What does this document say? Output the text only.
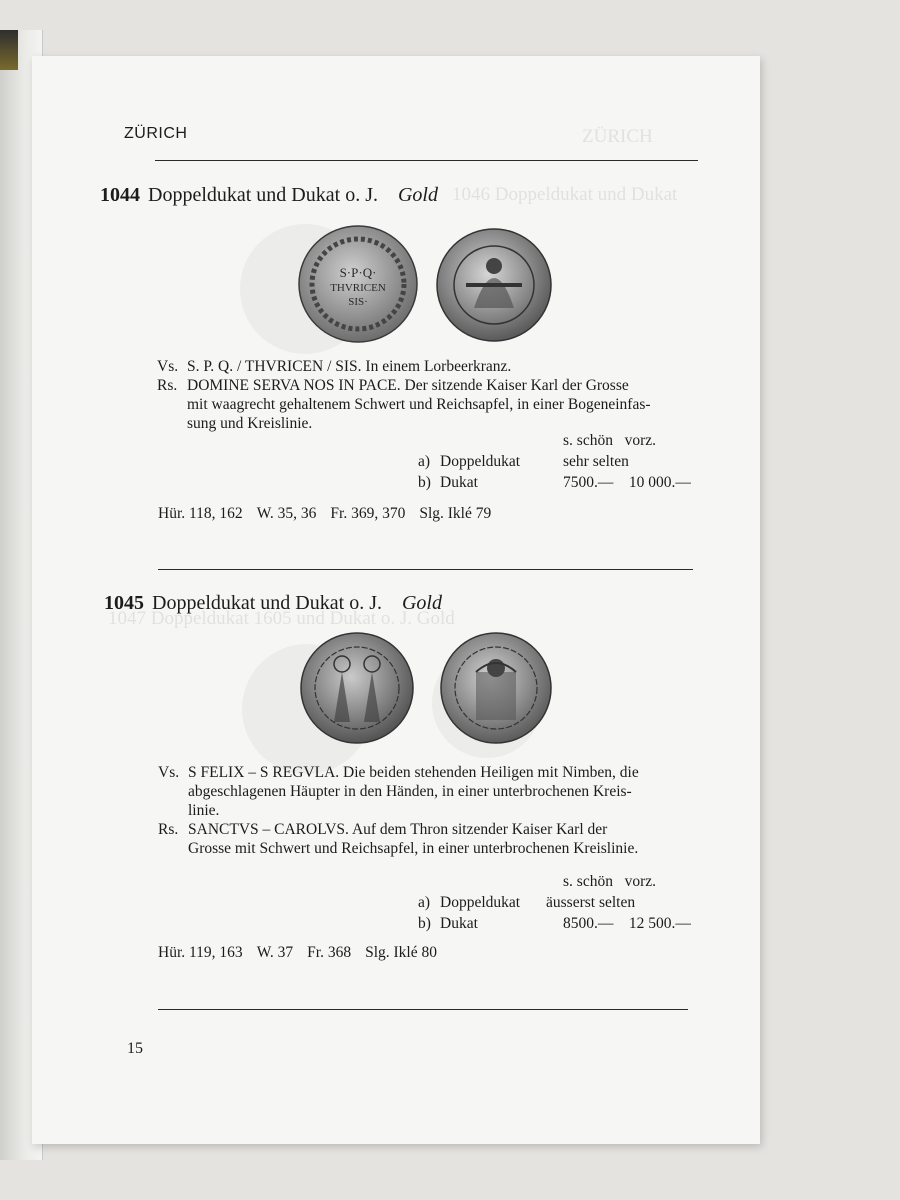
ZÜRICH
1046 Doppeldukat und Dukat
1047 Doppeldukat 1605 und Dukat o. J. Gold
ZÜRICH
1044 Doppeldukat und Dukat o. J. Gold
S·P·Q·
THVRICEN
SIS·
Vs. S. P. Q. / THVRICEN / SIS. In einem Lorbeerkranz.
Rs. DOMINE SERVA NOS IN PACE. Der sitzende Kaiser Karl der Grosse
mit waagrecht gehaltenem Schwert und Reichsapfel, in einer Bogeneinfas-
sung und Kreislinie.
s. schön   vorz.
a) Doppeldukat	sehr selten
b) Dukat	7500.—    10 000.—
Hür. 118, 162 W. 35, 36 Fr. 369, 370 Slg. Iklé 79
1045 Doppeldukat und Dukat o. J. Gold
Vs. S FELIX – S REGVLA. Die beiden stehenden Heiligen mit Nimben, die
abgeschlagenen Häupter in den Händen, in einer unterbrochenen Kreis-
linie.
Rs. SANCTVS – CAROLVS. Auf dem Thron sitzender Kaiser Karl der
Grosse mit Schwert und Reichsapfel, in einer unterbrochenen Kreislinie.
s. schön   vorz.
a) Doppeldukat äusserst selten
b) Dukat	8500.—    12 500.—
Hür. 119, 163 W. 37 Fr. 368 Slg. Iklé 80
15
